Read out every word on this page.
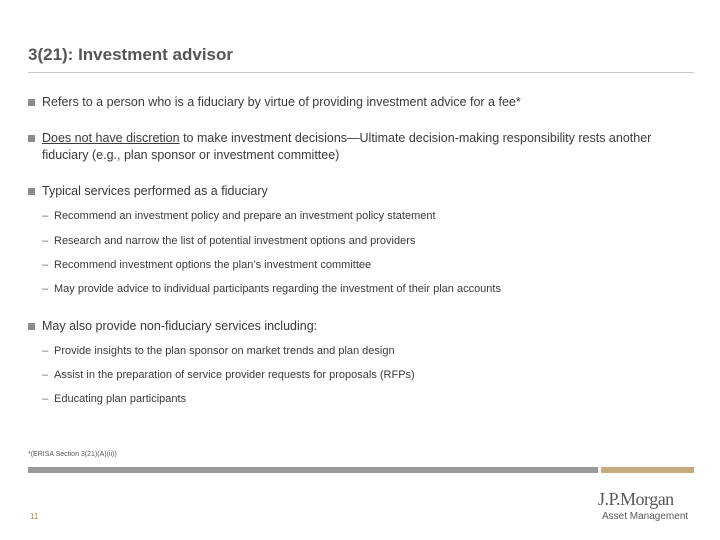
3(21): Investment advisor
Refers to a person who is a fiduciary by virtue of providing investment advice for a fee*
Does not have discretion to make investment decisions—Ultimate decision-making responsibility rests another fiduciary (e.g., plan sponsor or investment committee)
Typical services performed as a fiduciary
– Recommend an investment policy and prepare an investment policy statement
– Research and narrow the list of potential investment options and providers
– Recommend investment options the plan’s investment committee
– May provide advice to individual participants regarding the investment of their plan accounts
May also provide non-fiduciary services including:
– Provide insights to the plan sponsor on market trends and plan design
– Assist in the preparation of service provider requests for proposals (RFPs)
– Educating plan participants
*(ERISA Section 3(21)(A)(ii))
11
J.P.Morgan
Asset Management
